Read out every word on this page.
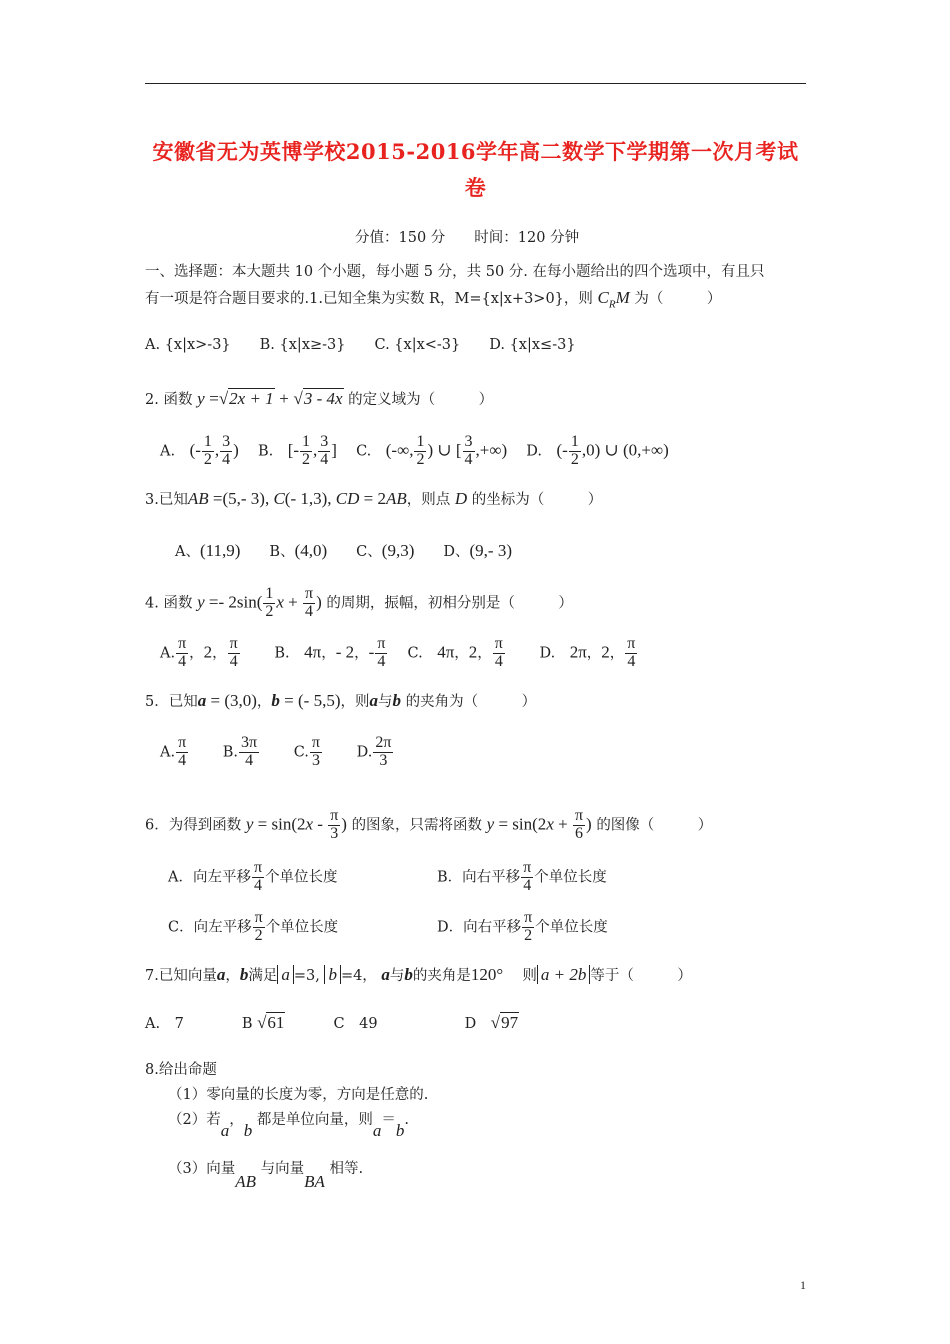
安徽省无为英博学校2015-2016学年高二数学下学期第一次月考试
卷
分值：150 分　　时间：120 分钟
一、选择题：本大题共 10 个小题，每小题 5 分，共 50 分. 在每小题给出的四个选项中，有且只
有一项是符合题目要求的.1.已知全集为实数 R，M={x|x+3>0}，则 $C_RM$ 为（　　　）
A. {x|x>-3}　　B. {x|x≥-3}　　C. {x|x<-3}　　D. {x|x≤-3}
2. 函数 y =√2x + 1 + √3 - 4x 的定义域为（　　　）
A.　(- $\frac{1}{2}$ , $\frac{3}{4}$ ) 　B.　[- $\frac{1}{2}$ , $\frac{3}{4}$ ] 　C.　(-∞, $\frac{1}{2}$ ) ∪ [ $\frac{3}{4}$ ,+∞) 　D.　(- $\frac{1}{2} ,0$) ∪ (0,+∞)
3.已知AB =(5,- 3), C(- 1,3), CD = 2AB，则点 D 的坐标为（　　　）
A、(11,9)　　B、(4,0)　　C、(9,3)　　D、(9,- 3)
4. 函数 $y =- 2\sin( \frac{1}{2}$ $x + \frac{\pi}{4}$ ) 的周期，振幅，初相分别是（　　　）
A. $\frac{\pi}{4}$ ，2， $\frac{\pi}{4}$ 　　B.　4π，- 2，- $\frac{\pi}{4}$ 　C.　4π，2， $\frac{\pi}{4}$ 　　D.　2π，2， $\frac{\pi}{4}$
5．已知a = (3,0)，b = (- 5,5)，则a与b 的夹角为（　　　）
A. $\frac{\pi}{4}$ 　　B. $\frac{3\pi}{4}$ 　　C. $\frac{\pi}{3}$ 　　D. $\frac{2\pi}{3}$
6．为得到函数 $y = \sin(2x - \frac{\pi}{3}$ ) 的图象，只需将函数 $y = \sin(2x + \frac{\pi}{6}$ ) 的图像（　　　）
A．向左平移 $\frac{\pi}{4}$ 个单位长度	B．向右平移 $\frac{\pi}{4}$ 个单位长度
C．向左平移 $\frac{\pi}{2}$ 个单位长度	D．向右平移 $\frac{\pi}{2}$ 个单位长度
7.已知向量a，b满足 a =3, b =4， a与b的夹角是120° 　 则 a + 2b 等于（　　　）
A.　7　　　　	B √61 　　　	C　49　　　　　　	D　 √97
8.给出命题
（1）零向量的长度为零，方向是任意的.
（2）若a，b 都是单位向量，则a＝b.
（3）向量AB 与向量BA 相等.
1
